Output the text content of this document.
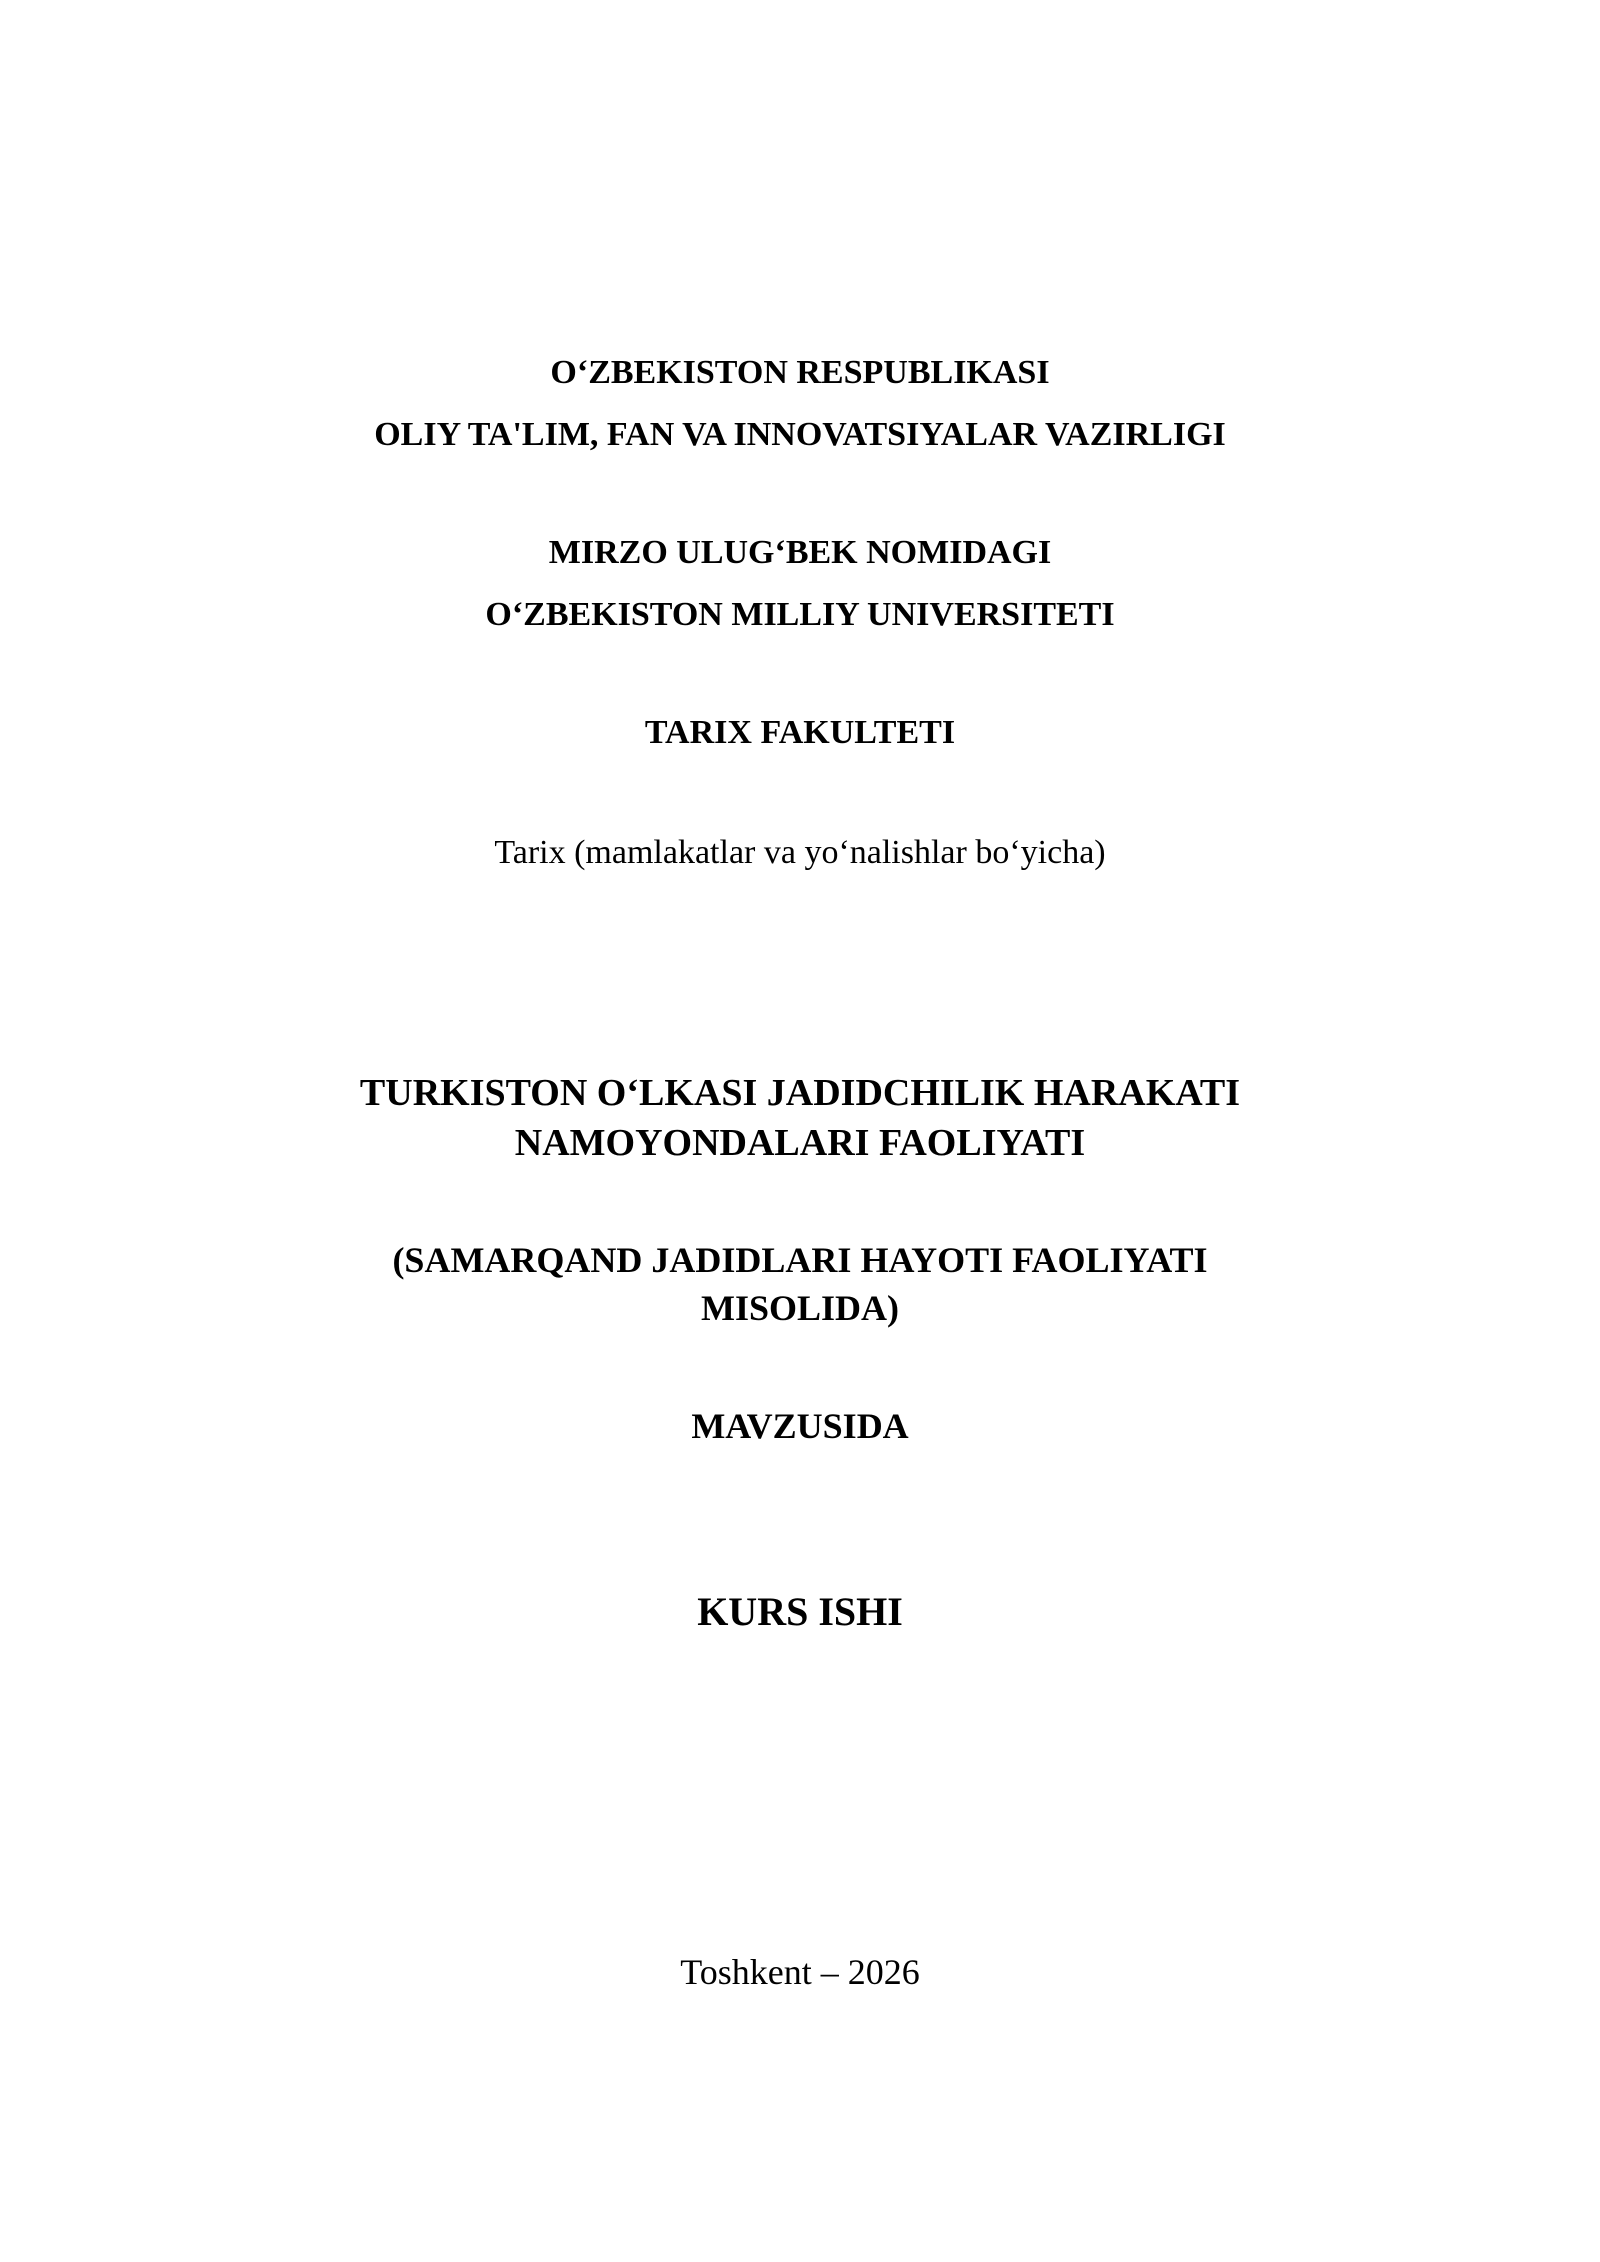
O‘ZBEKISTON RESPUBLIKASI
OLIY TA'LIM, FAN VA INNOVATSIYALAR VAZIRLIGI
MIRZO ULUG‘BEK NOMIDAGI
O‘ZBEKISTON MILLIY UNIVERSITETI
TARIX FAKULTETI
Tarix (mamlakatlar va yo‘nalishlar bo‘yicha)
TURKISTON O‘LKASI JADIDCHILIK HARAKATI
NAMOYONDALARI FAOLIYATI
(SAMARQAND JADIDLARI HAYOTI FAOLIYATI
MISOLIDA)
MAVZUSIDA
KURS ISHI
Toshkent – 2026
